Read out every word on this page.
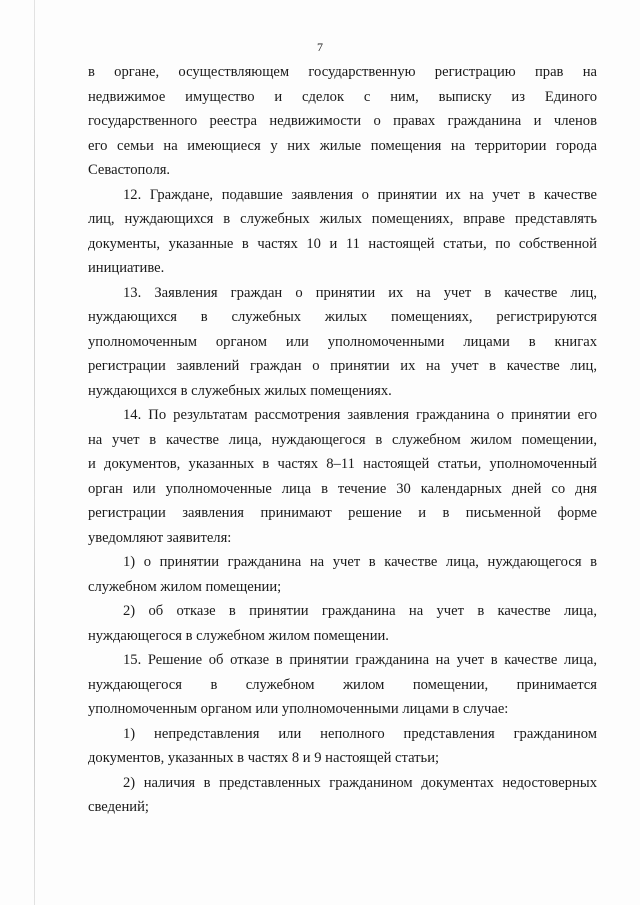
7
в органе, осуществляющем государственную регистрацию прав на
недвижимое имущество и сделок с ним, выписку из Единого
государственного реестра недвижимости о правах гражданина и членов
его семьи на имеющиеся у них жилые помещения на территории города
Севастополя.
12. Граждане, подавшие заявления о принятии их на учет в качестве
лиц, нуждающихся в служебных жилых помещениях, вправе представлять
документы, указанные в частях 10 и 11 настоящей статьи, по собственной
инициативе.
13. Заявления граждан о принятии их на учет в качестве лиц,
нуждающихся в служебных жилых помещениях, регистрируются
уполномоченным органом или уполномоченными лицами в книгах
регистрации заявлений граждан о принятии их на учет в качестве лиц,
нуждающихся в служебных жилых помещениях.
14. По результатам рассмотрения заявления гражданина о принятии его
на учет в качестве лица, нуждающегося в служебном жилом помещении,
и документов, указанных в частях 8–11 настоящей статьи, уполномоченный
орган или уполномоченные лица в течение 30 календарных дней со дня
регистрации заявления принимают решение и в письменной форме
уведомляют заявителя:
1) о принятии гражданина на учет в качестве лица, нуждающегося в
служебном жилом помещении;
2) об отказе в принятии гражданина на учет в качестве лица,
нуждающегося в служебном жилом помещении.
15. Решение об отказе в принятии гражданина на учет в качестве лица,
нуждающегося в служебном жилом помещении, принимается
уполномоченным органом или уполномоченными лицами в случае:
1) непредставления или неполного представления гражданином
документов, указанных в частях 8 и 9 настоящей статьи;
2) наличия в представленных гражданином документах недостоверных
сведений;
